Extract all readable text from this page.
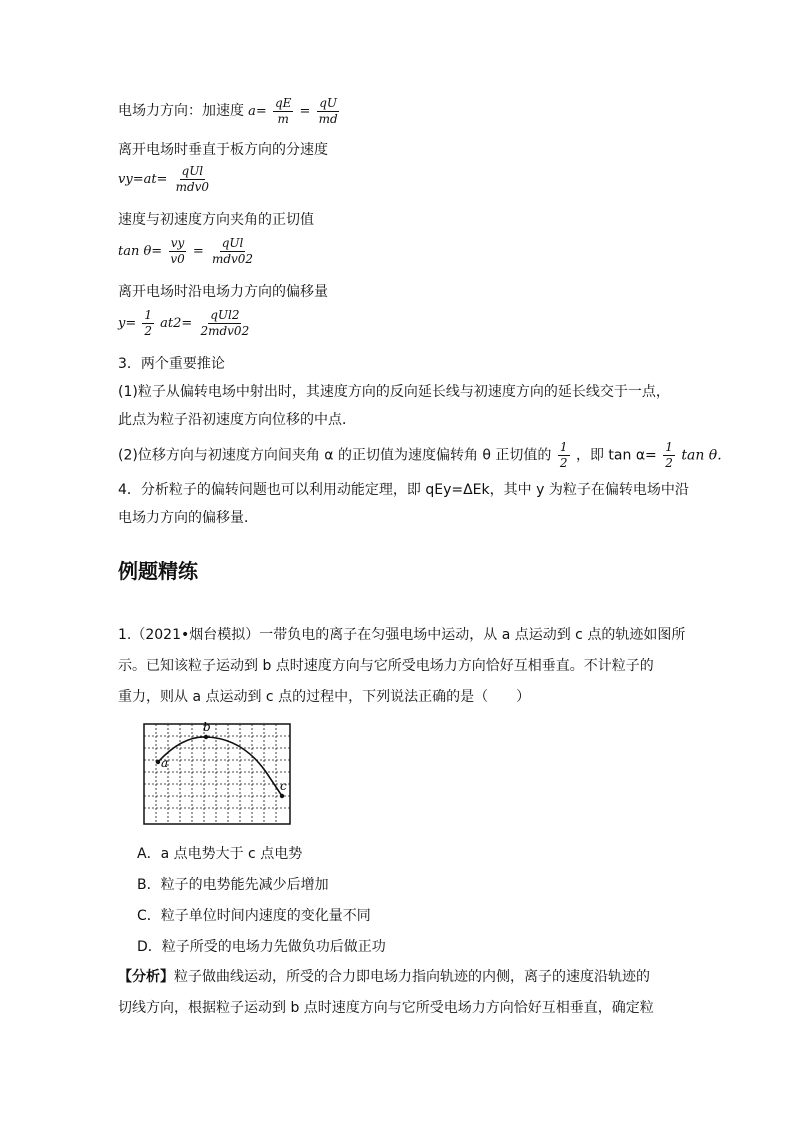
电场力方向：加速度 $a= \frac{qE}{m} = \frac{qU}{md}$
离开电场时垂直于板方向的分速度
$vy=at= \frac{\text{qUl}}{\text{mdv0}}$
速度与初速度方向夹角的正切值
$\tan \theta= \frac{vy}{v0} = \frac{\text{qUl}}{\text{mdv02}}$
离开电场时沿电场力方向的偏移量
$y= \frac{1}{2} at2= \frac{\text{qUl2}}{\text{2mdv02}}$
3．两个重要推论
(1)粒子从偏转电场中射出时，其速度方向的反向延长线与初速度方向的延长线交于一点，
此点为粒子沿初速度方向位移的中点．
(2)位移方向与初速度方向间夹角 α 的正切值为速度偏转角 θ 正切值的 $\frac{1}{2}$ ，即 $\tan \alpha= \frac{1}{2}$ tan θ.
4．分析粒子的偏转问题也可以利用动能定理，即 qEy=ΔEk，其中 y 为粒子在偏转电场中沿
电场力方向的偏移量．
例题精练
1.（2021•烟台模拟）一带负电的离子在匀强电场中运动，从 a 点运动到 c 点的轨迹如图所
示。已知该粒子运动到 b 点时速度方向与它所受电场力方向恰好互相垂直。不计粒子的
重力，则从 a 点运动到 c 点的过程中，下列说法正确的是（　　）
a
b
c
A．a 点电势大于 c 点电势
B．粒子的电势能先减少后增加
C．粒子单位时间内速度的变化量不同
D．粒子所受的电场力先做负功后做正功
【分析】粒子做曲线运动，所受的合力即电场力指向轨迹的内侧，离子的速度沿轨迹的
切线方向，根据粒子运动到 b 点时速度方向与它所受电场力方向恰好互相垂直，确定粒
